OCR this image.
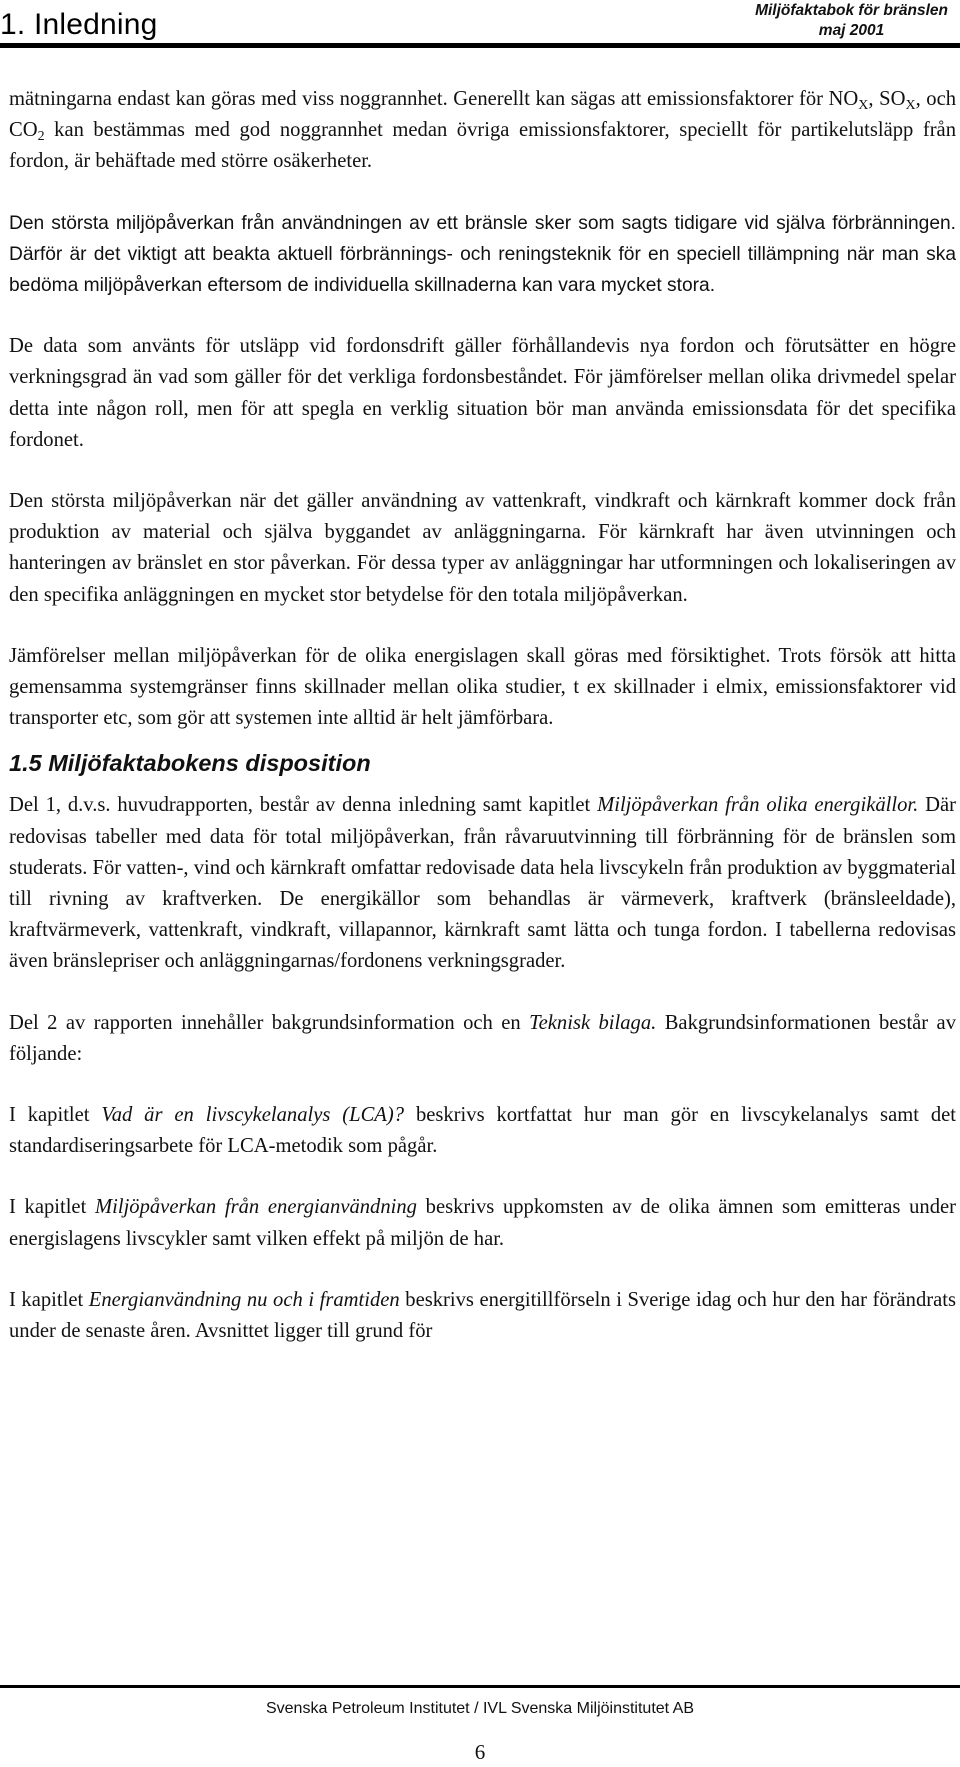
1. Inledning	Miljöfaktabok för bränslen
maj 2001

mätningarna endast kan göras med viss noggrannhet. Generellt kan sägas att emissionsfaktorer för $NO_X$, $SO_X$, och $CO_2$ kan bestämmas med god noggrannhet medan övriga emissionsfaktorer, speciellt för partikelutsläpp från fordon, är behäftade med större osäkerheter.

Den största miljöpåverkan från användningen av ett bränsle sker som sagts tidigare vid själva förbränningen. Därför är det viktigt att beakta aktuell förbrännings- och reningsteknik för en speciell tillämpning när man ska bedöma miljöpåverkan eftersom de individuella skillnaderna kan vara mycket stora.

De data som använts för utsläpp vid fordonsdrift gäller förhållandevis nya fordon och förutsätter en högre verkningsgrad än vad som gäller för det verkliga fordonsbeståndet. För jämförelser mellan olika drivmedel spelar detta inte någon roll, men för att spegla en verklig situation bör man använda emissionsdata för det specifika fordonet.

Den största miljöpåverkan när det gäller användning av vattenkraft, vindkraft och kärnkraft kommer dock från produktion av material och själva byggandet av anläggningarna. För kärnkraft har även utvinningen och hanteringen av bränslet en stor påverkan. För dessa typer av anläggningar har utformningen och lokaliseringen av den specifika anläggningen en mycket stor betydelse för den totala miljöpåverkan.

Jämförelser mellan miljöpåverkan för de olika energislagen skall göras med försiktighet. Trots försök att hitta gemensamma systemgränser finns skillnader mellan olika studier, t ex skillnader i elmix, emissionsfaktorer vid transporter etc, som gör att systemen inte alltid är helt jämförbara.

1.5 Miljöfaktabokens disposition

Del 1, d.v.s. huvudrapporten, består av denna inledning samt kapitlet Miljöpåverkan från olika energikällor. Där redovisas tabeller med data för total miljöpåverkan, från råvaruutvinning till förbränning för de bränslen som studerats. För vatten-, vind och kärnkraft omfattar redovisade data hela livscykeln från produktion av byggmaterial till rivning av kraftverken. De energikällor som behandlas är värmeverk, kraftverk (bränsleeldade), kraftvärmeverk, vattenkraft, vindkraft, villapannor, kärnkraft samt lätta och tunga fordon. I tabellerna redovisas även bränslepriser och anläggningarnas/fordonens verkningsgrader.

Del 2 av rapporten innehåller bakgrundsinformation och en Teknisk bilaga. Bakgrundsinformationen består av följande:

I kapitlet Vad är en livscykelanalys (LCA)? beskrivs kortfattat hur man gör en livscykelanalys samt det standardiseringsarbete för LCA-metodik som pågår.

I kapitlet Miljöpåverkan från energianvändning beskrivs uppkomsten av de olika ämnen som emitteras under energislagens livscykler samt vilken effekt på miljön de har.

I kapitlet Energianvändning nu och i framtiden beskrivs energitillförseln i Sverige idag och hur den har förändrats under de senaste åren. Avsnittet ligger till grund för

Svenska Petroleum Institutet / IVL Svenska Miljöinstitutet AB
6
